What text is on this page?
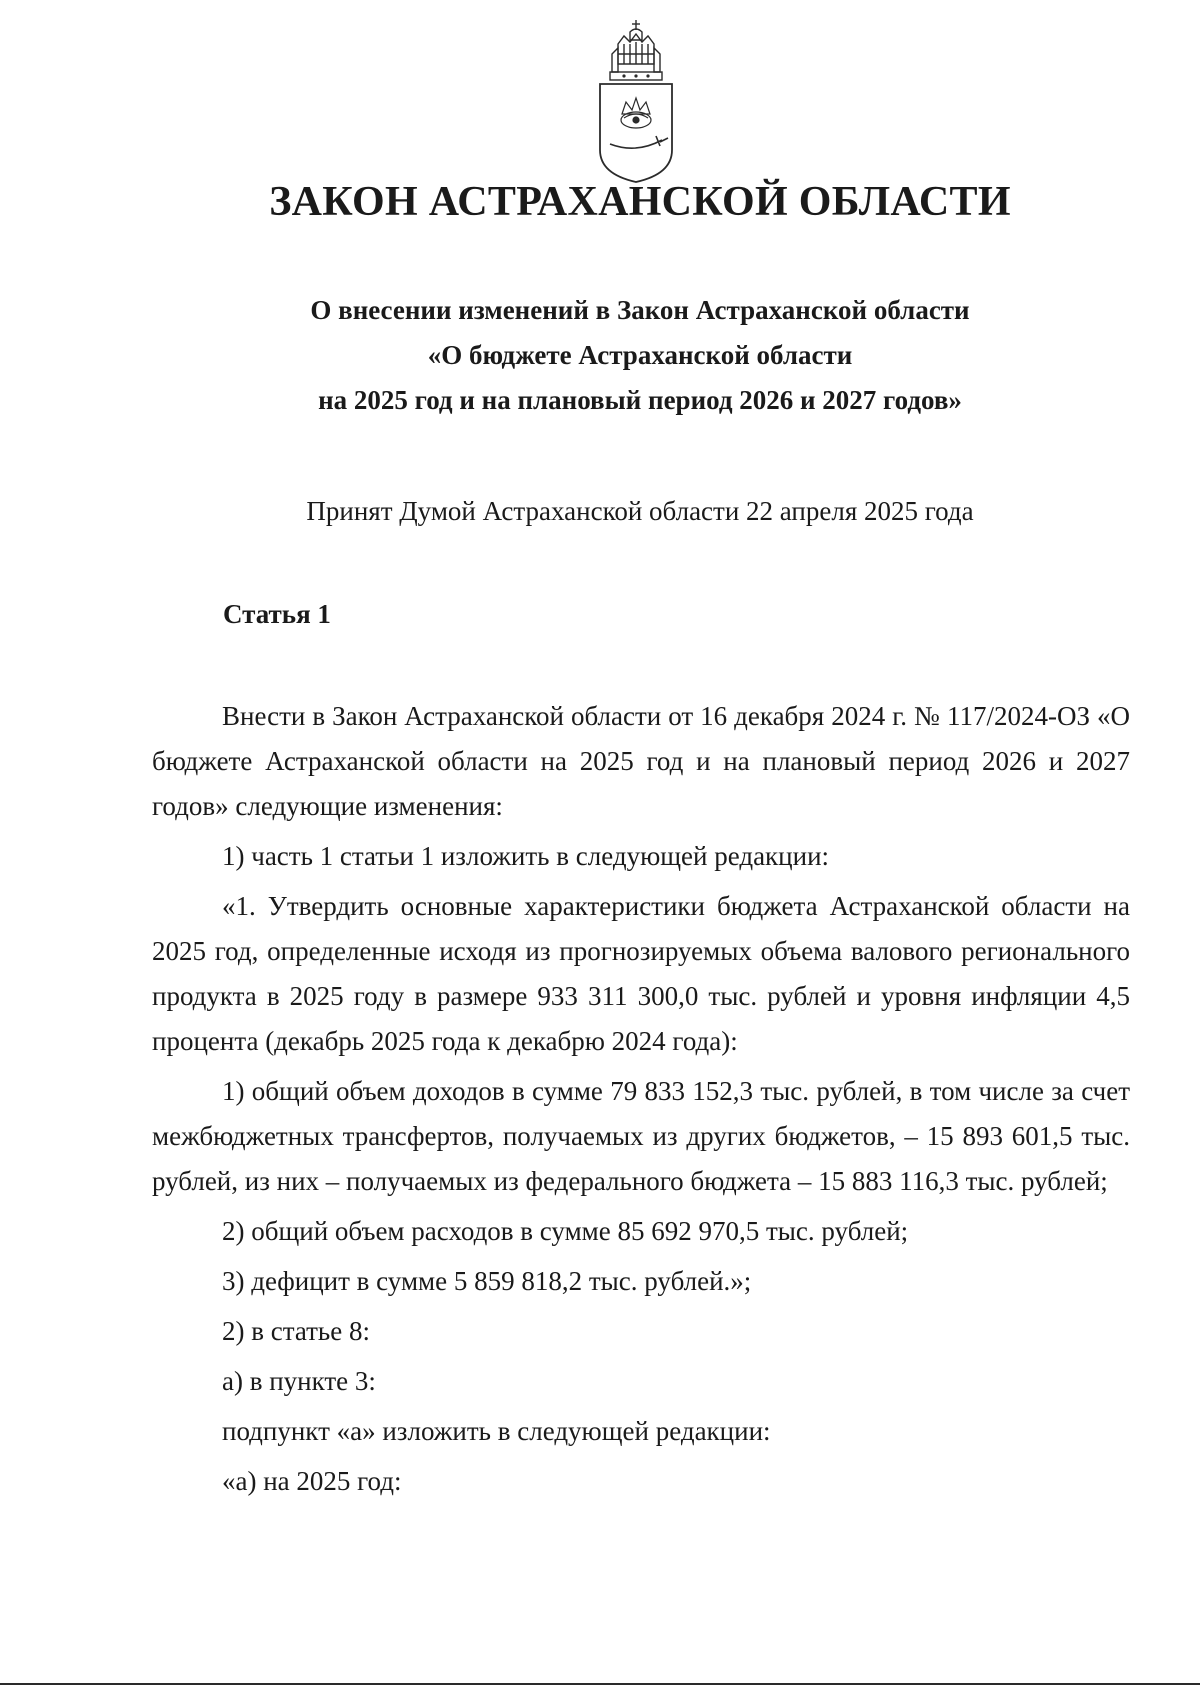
ЗАКОН АСТРАХАНСКОЙ ОБЛАСТИ
О внесении изменений в Закон Астраханской области
«О бюджете Астраханской области
на 2025 год и на плановый период 2026 и 2027 годов»

Принят Думой Астраханской области 22 апреля 2025 года

Статья 1

Внести в Закон Астраханской области от 16 декабря 2024 г. № 117/2024-ОЗ «О бюджете Астраханской области на 2025 год и на плановый период 2026 и 2027 годов» следующие изменения:

1) часть 1 статьи 1 изложить в следующей редакции:

«1. Утвердить основные характеристики бюджета Астраханской области на 2025 год, определенные исходя из прогнозируемых объема валового регионального продукта в 2025 году в размере 933 311 300,0 тыс. рублей и уровня инфляции 4,5 процента (декабрь 2025 года к декабрю 2024 года):

1) общий объем доходов в сумме 79 833 152,3 тыс. рублей, в том числе за счет межбюджетных трансфертов, получаемых из других бюджетов, – 15 893 601,5 тыс. рублей, из них – получаемых из федерального бюджета – 15 883 116,3 тыс. рублей;

2) общий объем расходов в сумме 85 692 970,5 тыс. рублей;

3) дефицит в сумме 5 859 818,2 тыс. рублей.»;

2) в статье 8:

а) в пункте 3:

подпункт «а» изложить в следующей редакции:

«а) на 2025 год:
